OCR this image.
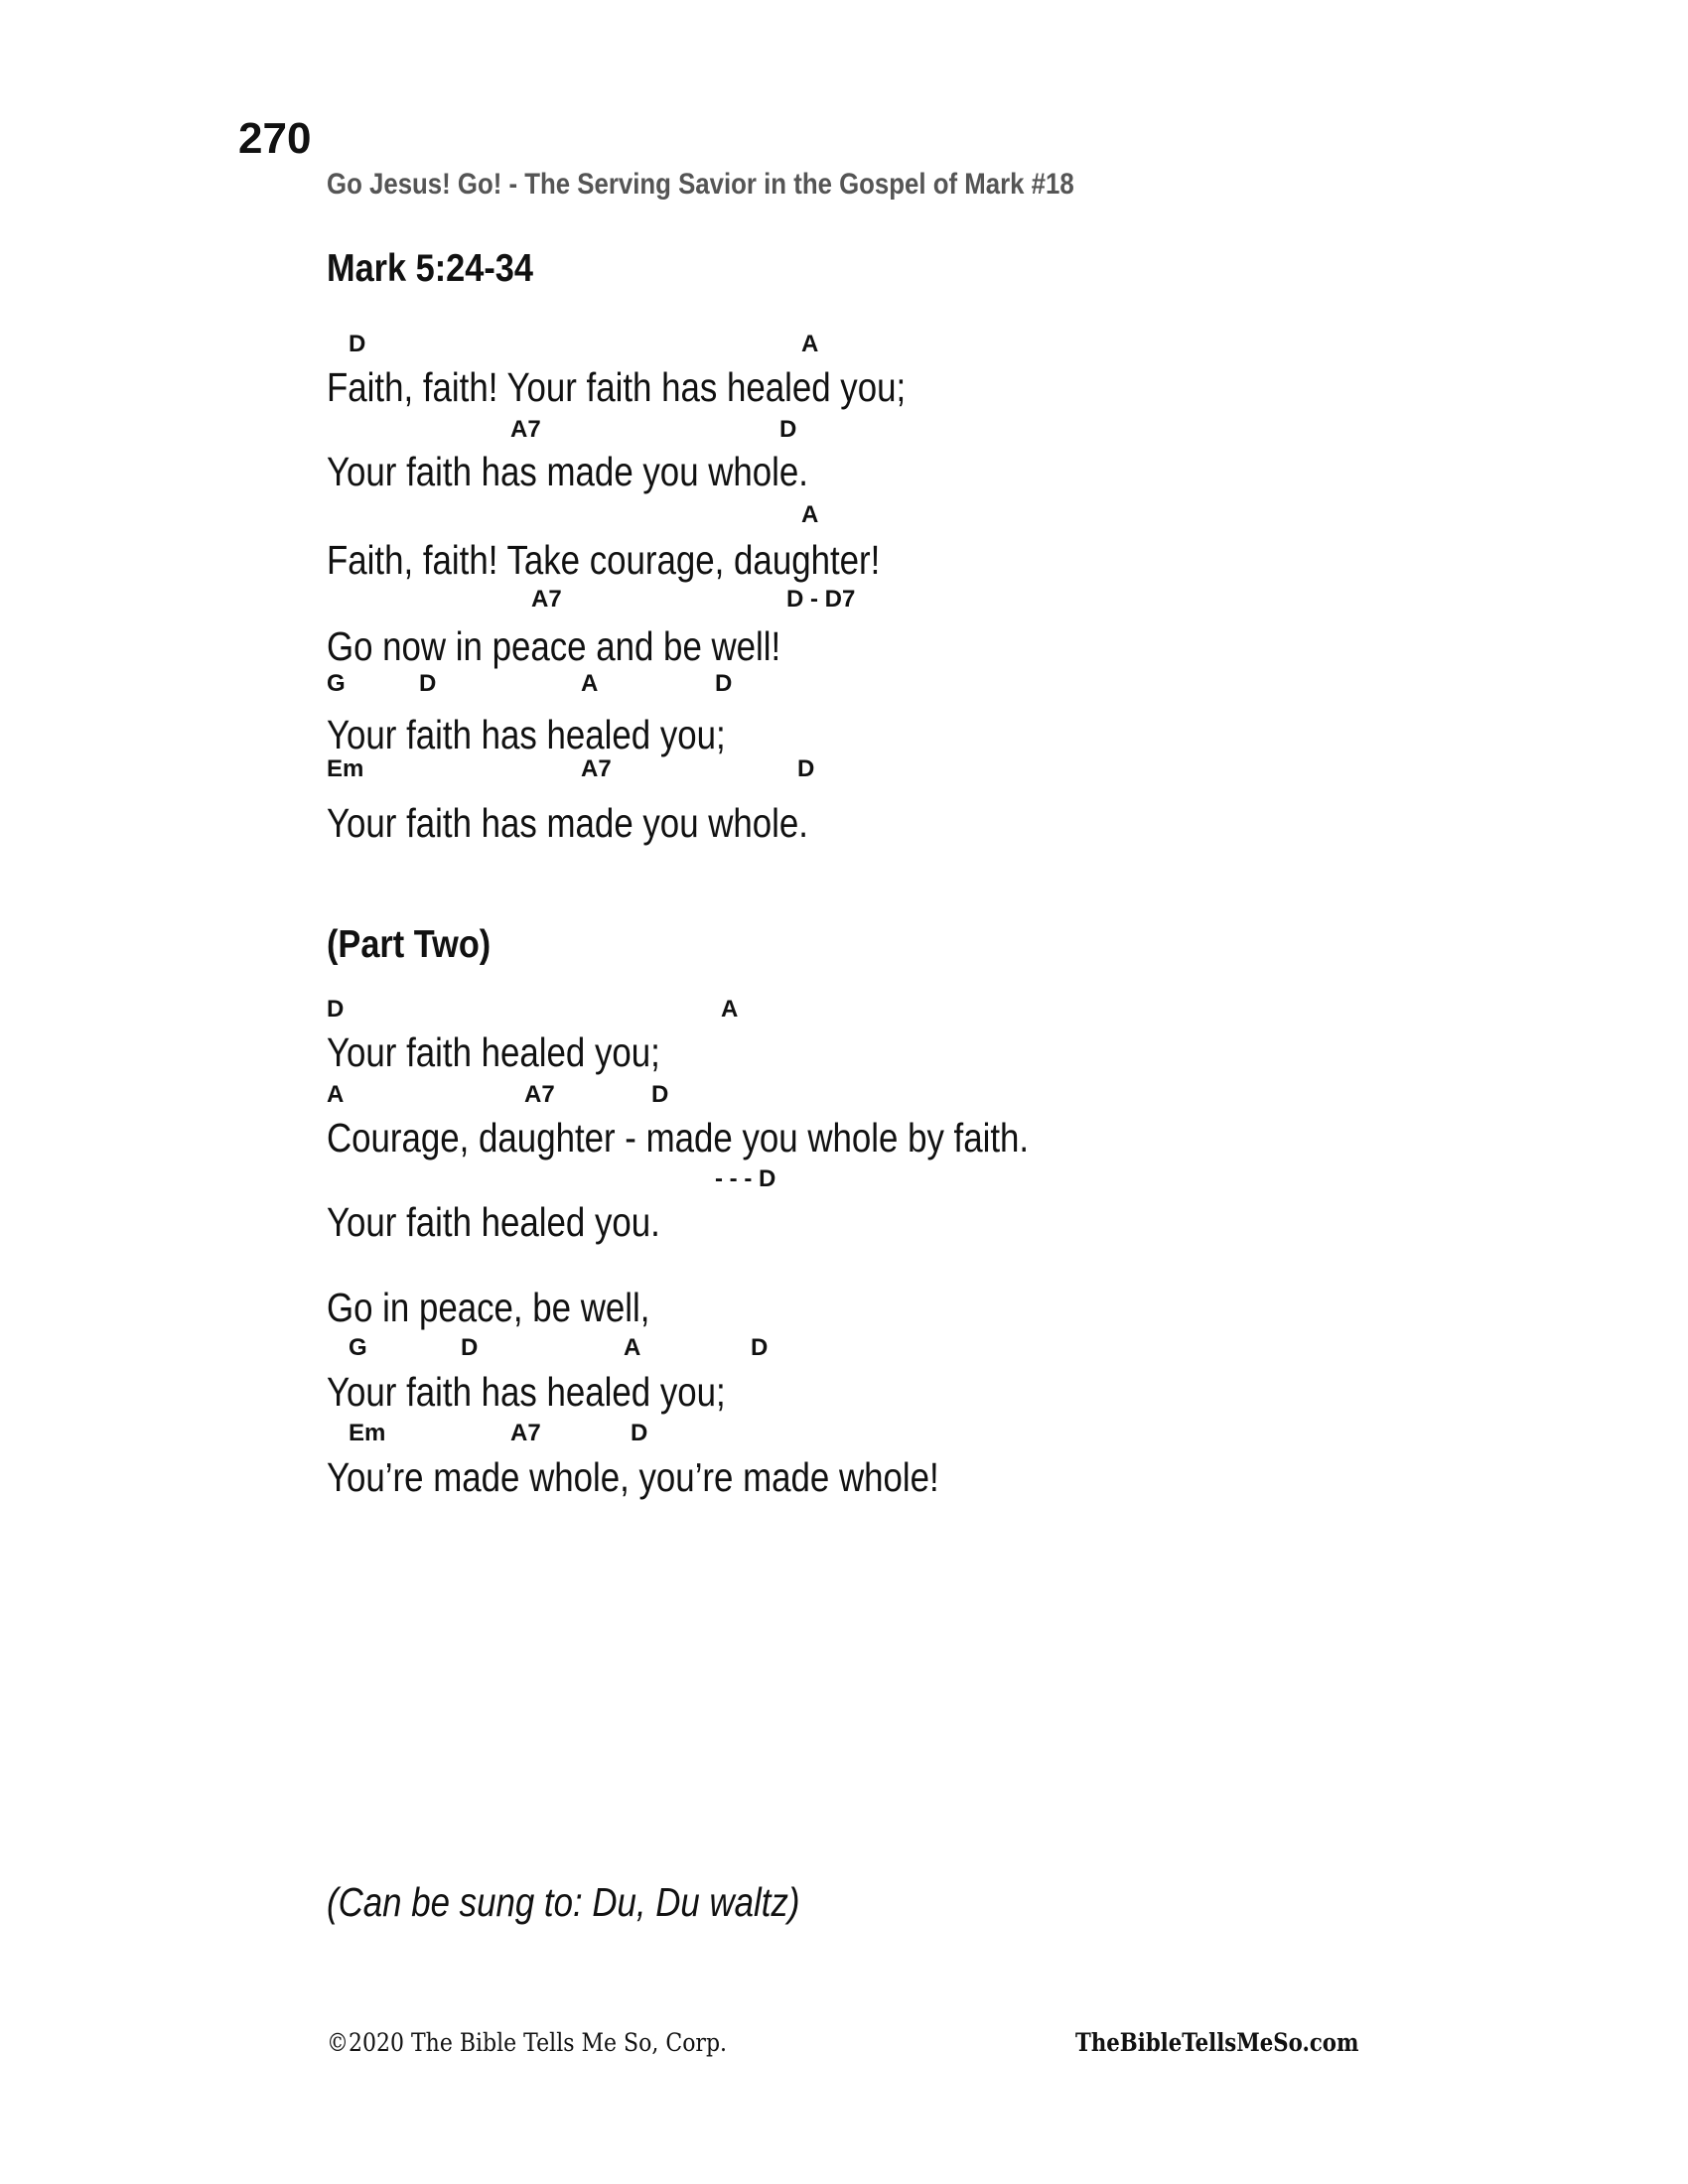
270
Go Jesus! Go! - The Serving Savior in the Gospel of Mark #18
Mark 5:24-34
D	A
Faith, faith! Your faith has healed you;
A7	D
Your faith has made you whole.
A
Faith, faith! Take courage, daughter!
A7	D - D7
Go now in peace and be well!
G	D	A	D
Your faith has healed you;
Em	A7	D
Your faith has made you whole.
(Part Two)
D	A
Your faith healed you;
A	A7	D
Courage, daughter - made you whole by faith.
- - - D
Your faith healed you.
Go in peace, be well,
G	D	A	D
Your faith has healed you;
Em	A7	D
You’re made whole, you’re made whole!
(Can be sung to: Du, Du waltz)
©2020 The Bible Tells Me So, Corp.	TheBibleTellsMeSo.com
